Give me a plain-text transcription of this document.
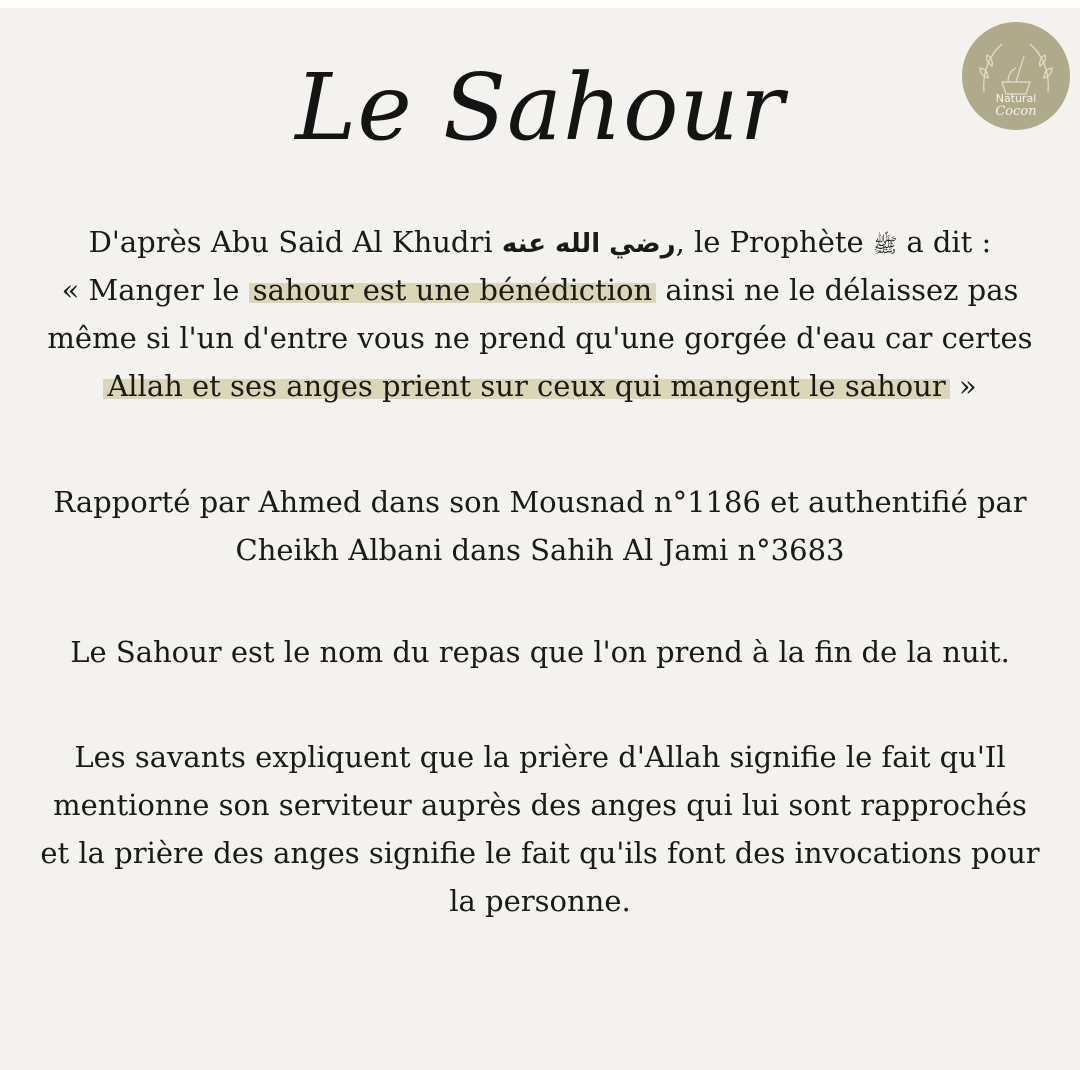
Le Sahour	Natural
Cocon
D'après Abu Said Al Khudri رضي الله عنه, le Prophète ﷺ a dit :
« Manger le sahour est une bénédiction ainsi ne le délaissez pas
même si l'un d'entre vous ne prend qu'une gorgée d'eau car certes
Allah et ses anges prient sur ceux qui mangent le sahour »
Rapporté par Ahmed dans son Mousnad n°1186 et authentifié par
Cheikh Albani dans Sahih Al Jami n°3683
Le Sahour est le nom du repas que l'on prend à la fin de la nuit.
Les savants expliquent que la prière d'Allah signifie le fait qu'Il
mentionne son serviteur auprès des anges qui lui sont rapprochés
et la prière des anges signifie le fait qu'ils font des invocations pour
la personne.
